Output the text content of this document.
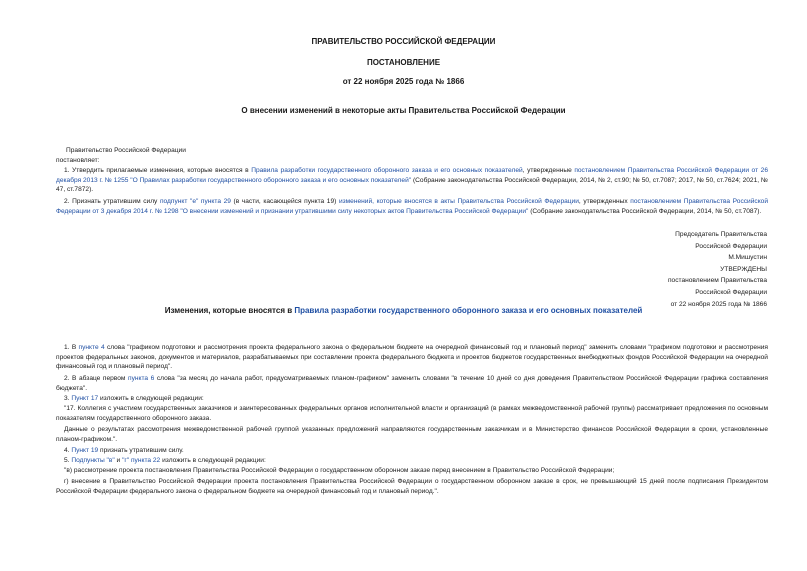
ПРАВИТЕЛЬСТВО РОССИЙСКОЙ ФЕДЕРАЦИИ
ПОСТАНОВЛЕНИЕ
от 22 ноября 2025 года № 1866
О внесении изменений в некоторые акты Правительства Российской Федерации
Правительство Российской Федерации
постановляет:
1. Утвердить прилагаемые изменения, которые вносятся в Правила разработки государственного оборонного заказа и его основных показателей, утвержденные постановлением Правительства Российской Федерации от 26 декабря 2013 г. № 1255 "О Правилах разработки государственного оборонного заказа и его основных показателей" (Собрание законодательства Российской Федерации, 2014, № 2, ст.90; № 50, ст.7087; 2017, № 50, ст.7624; 2021, № 47, ст.7872).
2. Признать утратившим силу подпункт "е" пункта 29 (в части, касающейся пункта 19) изменений, которые вносятся в акты Правительства Российской Федерации, утвержденных постановлением Правительства Российской Федерации от 3 декабря 2014 г. № 1298 "О внесении изменений и признании утратившими силу некоторых актов Правительства Российской Федерации" (Собрание законодательства Российской Федерации, 2014, № 50, ст.7087).
Председатель Правительства
Российской Федерации
М.Мишустин
УТВЕРЖДЕНЫ
постановлением Правительства
Российской Федерации
от 22 ноября 2025 года № 1866
Изменения, которые вносятся в Правила разработки государственного оборонного заказа и его основных показателей
1. В пункте 4 слова "графиком подготовки и рассмотрения проекта федерального закона о федеральном бюджете на очередной финансовый год и плановый период" заменить словами "графиком подготовки и рассмотрения проектов федеральных законов, документов и материалов, разрабатываемых при составлении проекта федерального бюджета и проектов бюджетов государственных внебюджетных фондов Российской Федерации на очередной финансовый год и плановый период".
2. В абзаце первом пункта 6 слова "за месяц до начала работ, предусматриваемых планом-графиком" заменить словами "в течение 10 дней со дня доведения Правительством Российской Федерации графика составления бюджета".
3. Пункт 17 изложить в следующей редакции:
"17. Коллегия с участием государственных заказчиков и заинтересованных федеральных органов исполнительной власти и организаций (в рамках межведомственной рабочей группы) рассматривает предложения по основным показателям государственного оборонного заказа.
Данные о результатах рассмотрения межведомственной рабочей группой указанных предложений направляются государственным заказчикам и в Министерство финансов Российской Федерации в сроки, установленные планом-графиком.".
4. Пункт 19 признать утратившим силу.
5. Подпункты "в" и "г" пункта 22 изложить в следующей редакции:
"в) рассмотрение проекта постановления Правительства Российской Федерации о государственном оборонном заказе перед внесением в Правительство Российской Федерации;
г) внесение в Правительство Российской Федерации проекта постановления Правительства Российской Федерации о государственном оборонном заказе в срок, не превышающий 15 дней после подписания Президентом Российской Федерации федерального закона о федеральном бюджете на очередной финансовый год и плановый период.".
